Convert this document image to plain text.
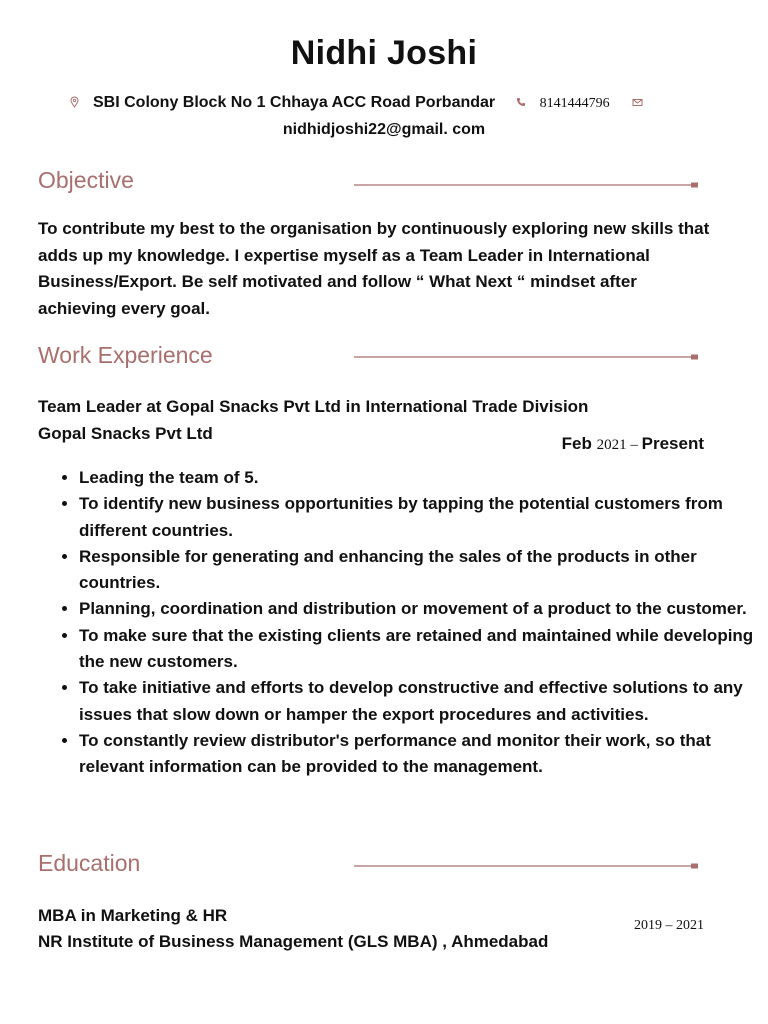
Nidhi Joshi
SBI Colony Block No 1 Chhaya ACC Road Porbandar	8141444796
nidhidjoshi22@gmail. com
Objective
To contribute my best to the organisation by continuously exploring new skills that adds up my knowledge. I expertise myself as a Team Leader in International Business/Export. Be self motivated and follow “ What Next “ mindset after achieving every goal.
Work Experience
Team Leader at Gopal Snacks Pvt Ltd in International Trade Division
Gopal Snacks Pvt Ltd
Feb 2021 – Present
• Leading the team of 5.
• To identify new business opportunities by tapping the potential customers from different countries.
• Responsible for generating and enhancing the sales of the products in other countries.
• Planning, coordination and distribution or movement of a product to the customer.
• To make sure that the existing clients are retained and maintained while developing the new customers.
• To take initiative and efforts to develop constructive and effective solutions to any issues that slow down or hamper the export procedures and activities.
• To constantly review distributor's performance and monitor their work, so that relevant information can be provided to the management.
Education
MBA in Marketing & HR
NR Institute of Business Management (GLS MBA) , Ahmedabad
2019 – 2021
